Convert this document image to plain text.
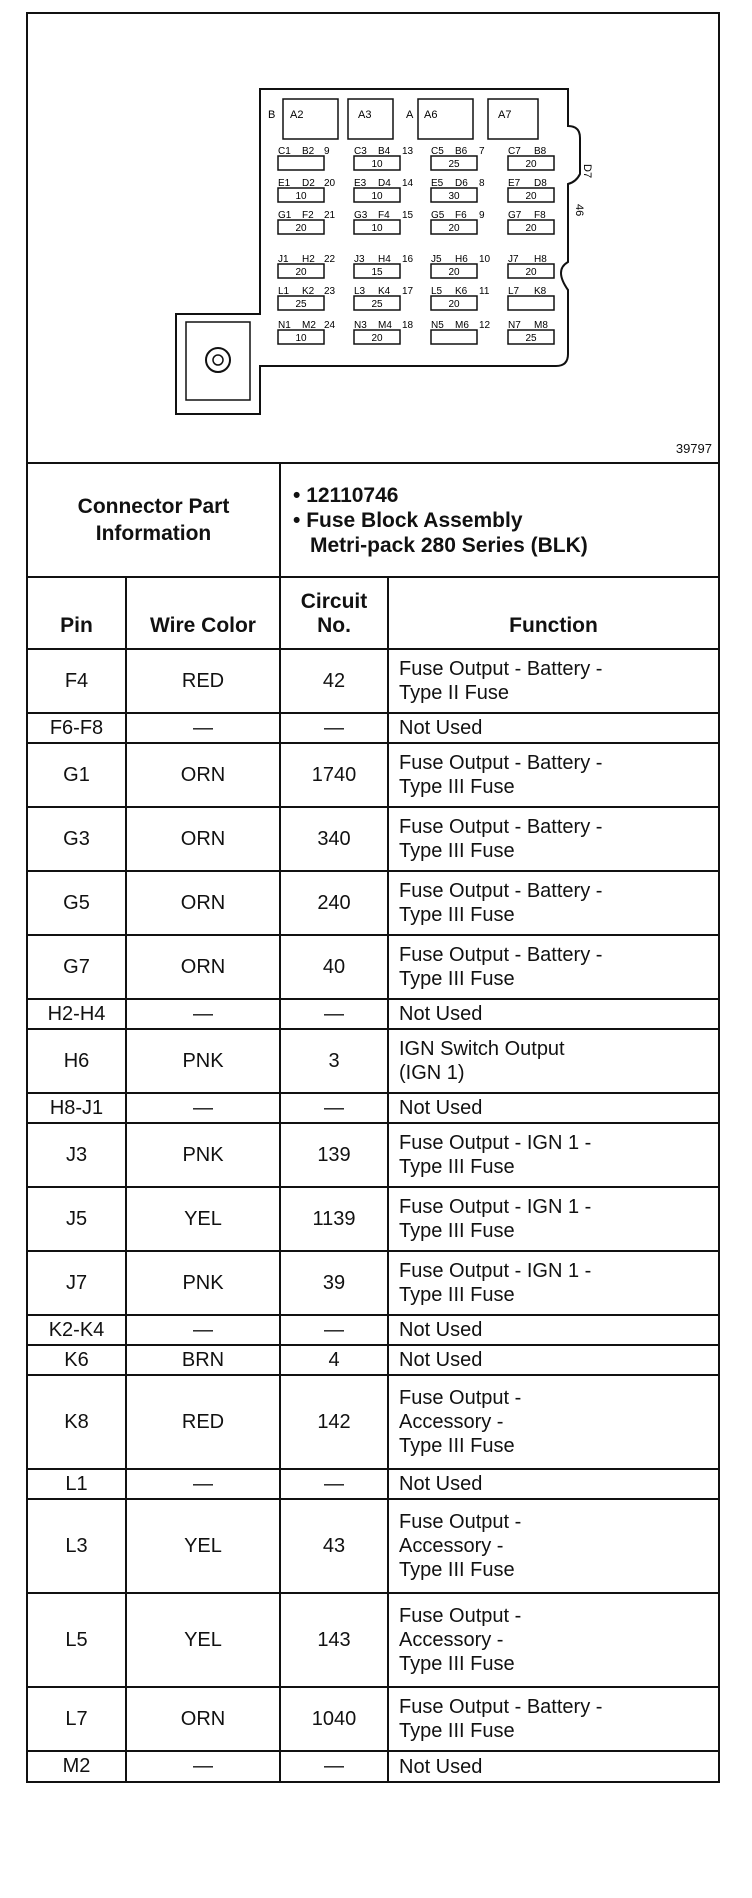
B A2	A3	A A6	A7
D7
46
C1 B2 9 C3 B4 13 C5 B6 7 C7 B8
10	25	20
E1 D2 20 E3 D4 14 E5 D6 8 E7 D8
10	10	30	20
G1 F2 21 G3 F4 15 G5 F6 9 G7 F8
20	10	20	20
J1 H2 22 J3 H4 16 J5 H6 10 J7 H8
20	15	20	20
L1 K2 23 L3 K4 17 L5 K6 11 L7 K8
25	25	20
N1 M2 24 N3 M4 18 N5 M6 12 N7 M8
10	20	25
39797
Connector Part Information	
• 12110746
• Fuse Block Assembly
Metri-pack 280 Series (BLK)
Pin	Wire Color	Circuit No.	Function
F4	RED	42	Fuse Output - Battery -
Type II Fuse

F6-F8	—	—	Not Used

G1	ORN	1740	Fuse Output - Battery -
Type III Fuse

G3	ORN	340	Fuse Output - Battery -
Type III Fuse

G5	ORN	240	Fuse Output - Battery -
Type III Fuse

G7	ORN	40	Fuse Output - Battery -
Type III Fuse

H2-H4	—	—	Not Used

H6	PNK	3	IGN Switch Output
(IGN 1)

H8-J1	—	—	Not Used

J3	PNK	139	Fuse Output - IGN 1 -
Type III Fuse

J5	YEL	1139	Fuse Output - IGN 1 -
Type III Fuse

J7	PNK	39	Fuse Output - IGN 1 -
Type III Fuse

K2-K4	—	—	Not Used

K6	BRN	4	Not Used

K8	RED	142	Fuse Output -
Accessory -
Type III Fuse

L1	—	—	Not Used

L3	YEL	43	Fuse Output -
Accessory -
Type III Fuse

L5	YEL	143	Fuse Output -
Accessory -
Type III Fuse

L7	ORN	1040	Fuse Output - Battery -
Type III Fuse

M2	—	—	Not Used
